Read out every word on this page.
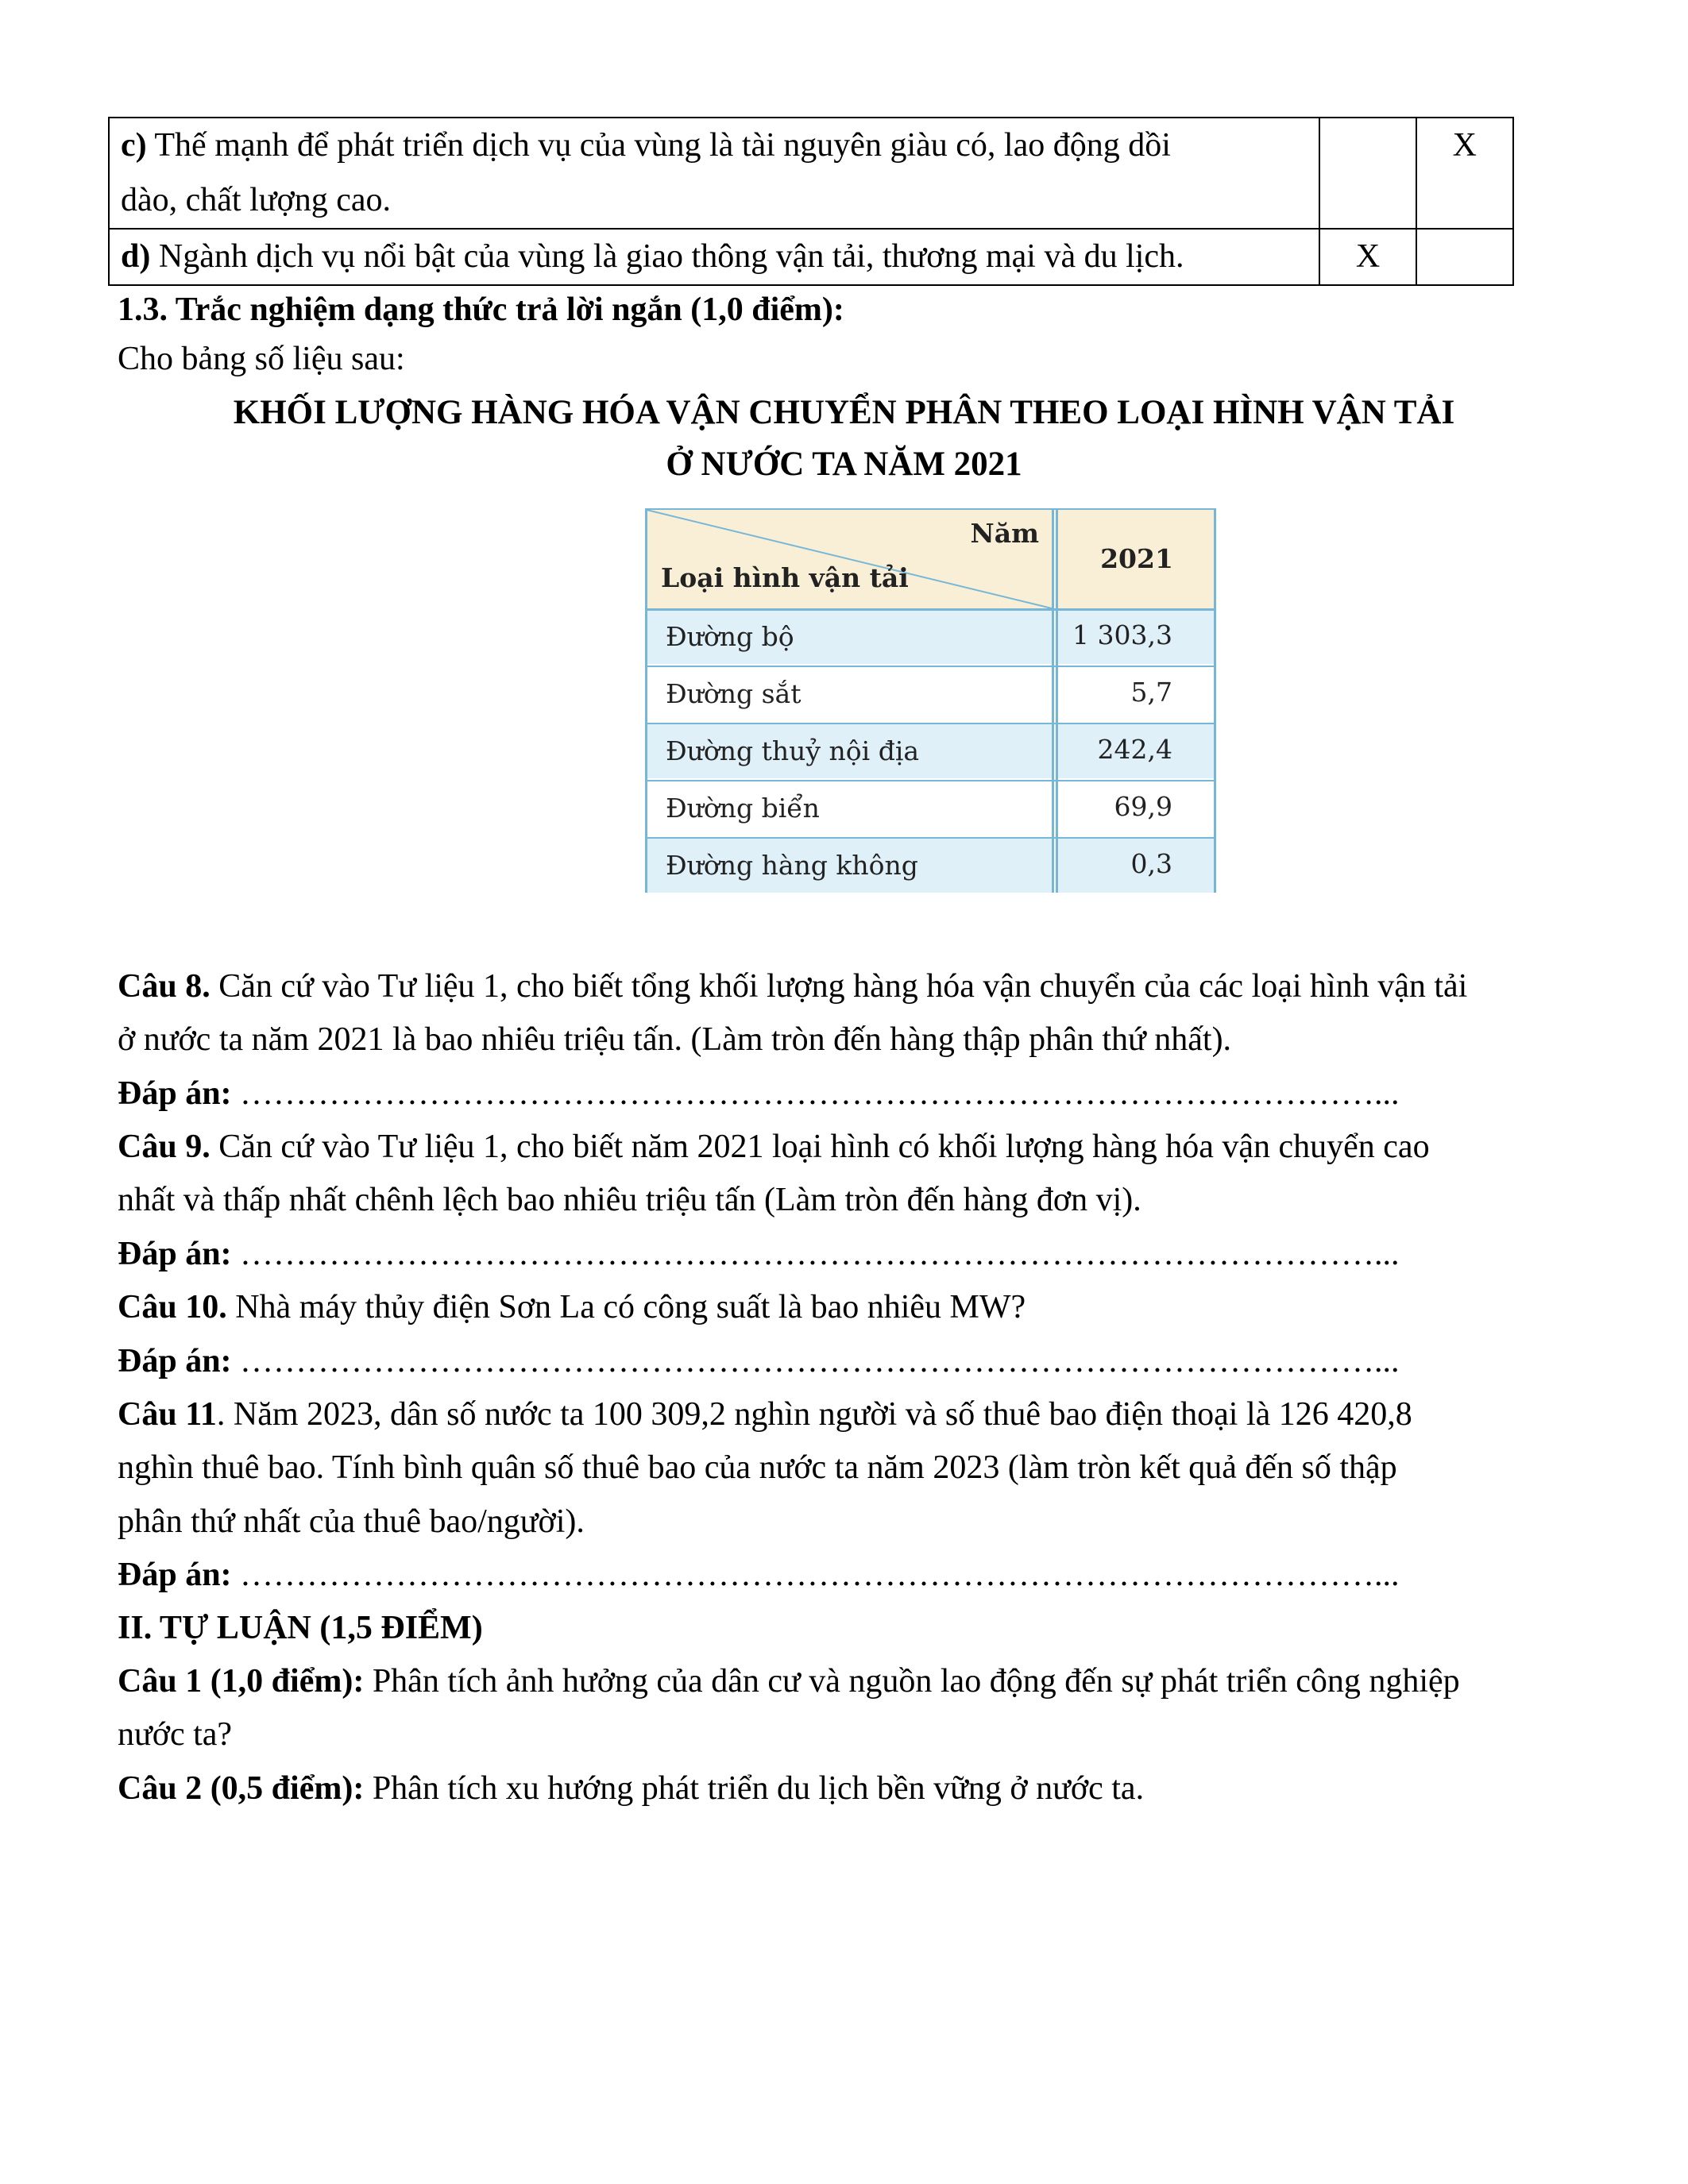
c) Thế mạnh để phát triển dịch vụ của vùng là tài nguyên giàu có, lao động dồi
dào, chất lượng cao.		X
d) Ngành dịch vụ nổi bật của vùng là giao thông vận tải, thương mại và du lịch.	X	
1.3. Trắc nghiệm dạng thức trả lời ngắn (1,0 điểm):
Cho bảng số liệu sau:
KHỐI LƯỢNG HÀNG HÓA VẬN CHUYỂN PHÂN THEO LOẠI HÌNH VẬN TẢI
Ở NƯỚC TA NĂM 2021
Năm
Loại hình vận tải
2021
Đường bộ	1 303,3
Đường sắt	5,7
Đường thuỷ nội địa	242,4
Đường biển	69,9
Đường hàng không	0,3
Câu 8. Căn cứ vào Tư liệu 1, cho biết tổng khối lượng hàng hóa vận chuyển của các loại hình vận tải
ở nước ta năm 2021 là bao nhiêu triệu tấn. (Làm tròn đến hàng thập phân thứ nhất).
Đáp án: …………………………………………………………………………………………...
Câu 9. Căn cứ vào Tư liệu 1, cho biết năm 2021 loại hình có khối lượng hàng hóa vận chuyển cao
nhất và thấp nhất chênh lệch bao nhiêu triệu tấn (Làm tròn đến hàng đơn vị).
Đáp án: …………………………………………………………………………………………...
Câu 10. Nhà máy thủy điện Sơn La có công suất là bao nhiêu MW?
Đáp án: …………………………………………………………………………………………...
Câu 11. Năm 2023, dân số nước ta 100 309,2 nghìn người và số thuê bao điện thoại là 126 420,8
nghìn thuê bao. Tính bình quân số thuê bao của nước ta năm 2023 (làm tròn kết quả đến số thập
phân thứ nhất của thuê bao/người).
Đáp án: …………………………………………………………………………………………...
II. TỰ LUẬN (1,5 ĐIỂM)
Câu 1 (1,0 điểm): Phân tích ảnh hưởng của dân cư và nguồn lao động đến sự phát triển công nghiệp
nước ta?
Câu 2 (0,5 điểm): Phân tích xu hướng phát triển du lịch bền vững ở nước ta.
